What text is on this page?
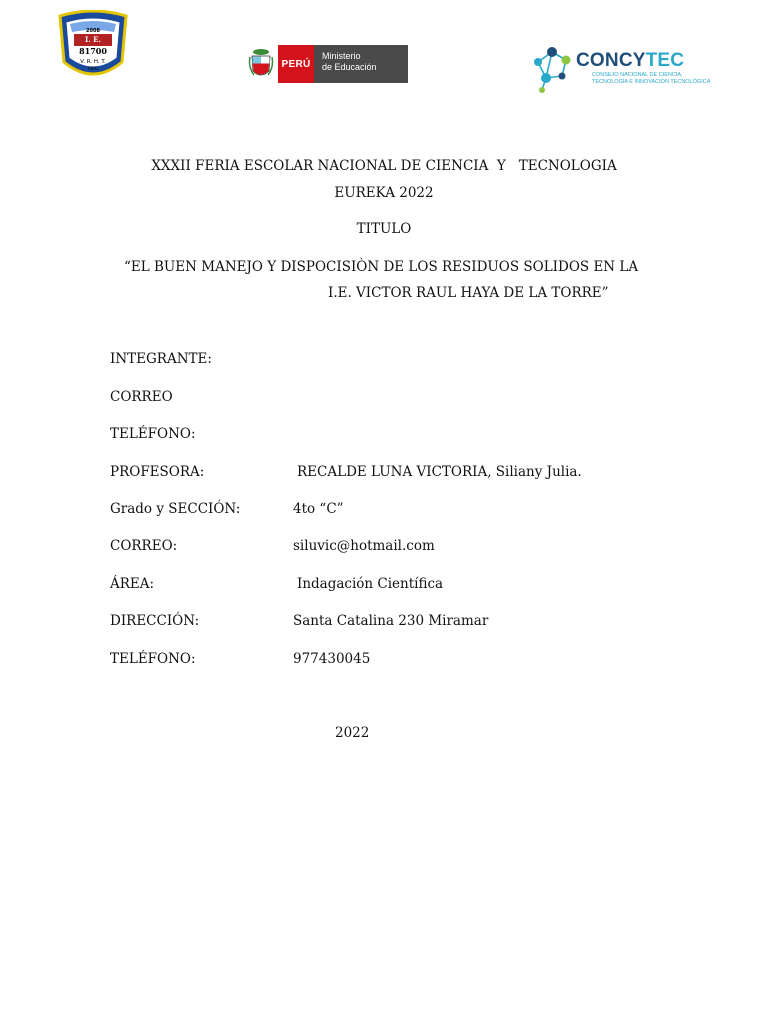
2008
I. E.
81700
V. R. H. T.
VIRU	PERÚ
Ministerio
de Educación	CONCYTEC
CONSEJO NACIONAL DE CIENCIA,
TECNOLOGÍA E INNOVACIÓN TECNOLÓGICA
XXXII FERIA ESCOLAR NACIONAL DE CIENCIA  Y   TECNOLOGIA
EUREKA 2022
TITULO
“EL BUEN MANEJO Y DISPOCISIÒN DE LOS RESIDUOS SOLIDOS EN LA
I.E. VICTOR RAUL HAYA DE LA TORRE”
INTEGRANTE:
CORREO
TELÉFONO:
PROFESORA:	RECALDE LUNA VICTORIA, Siliany Julia.
Grado y SECCIÓN:	4to “C”
CORREO:	siluvic@hotmail.com
ÁREA:	Indagación Científica
DIRECCIÓN:	Santa Catalina 230 Miramar
TELÉFONO:	977430045
2022
